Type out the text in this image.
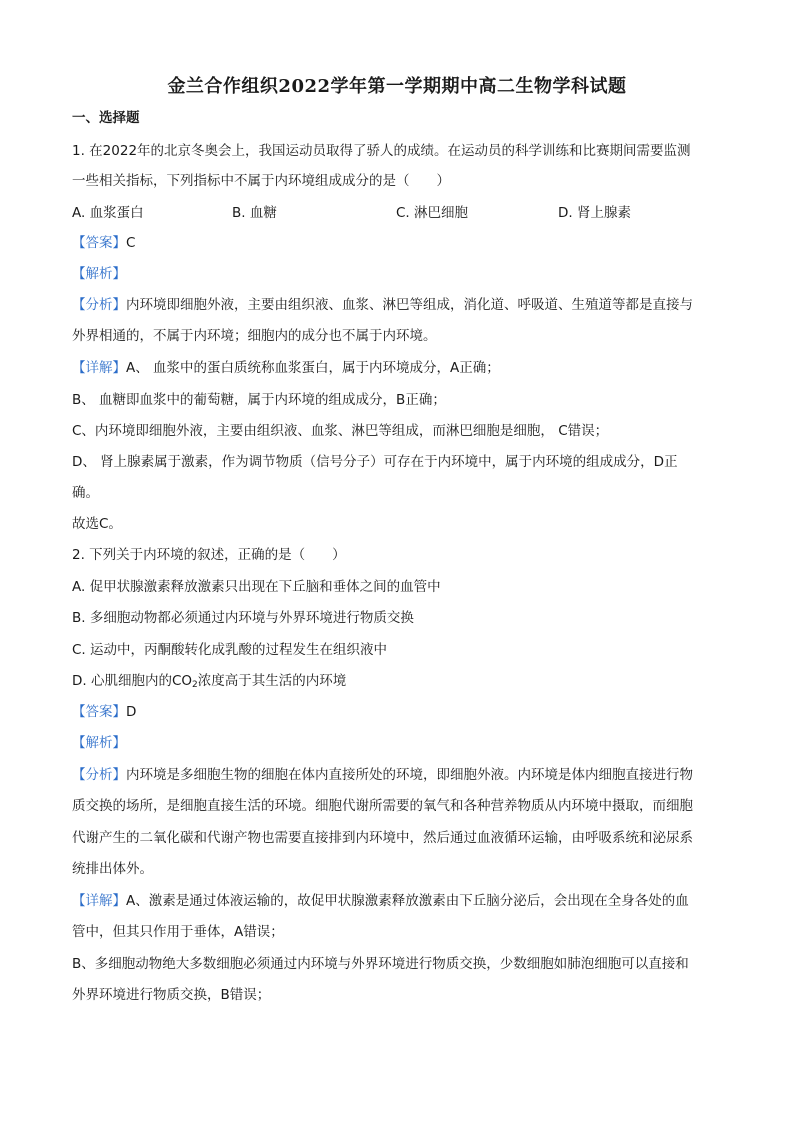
金兰合作组织2022学年第一学期期中高二生物学科试题
一、选择题
1. 在2022年的北京冬奥会上，我国运动员取得了骄人的成绩。在运动员的科学训练和比赛期间需要监测
一些相关指标，下列指标中不属于内环境组成成分的是（　　）
A. 血浆蛋白	B. 血糖	C. 淋巴细胞	D. 肾上腺素
【答案】C
【解析】
【分析】内环境即细胞外液，主要由组织液、血浆、淋巴等组成，消化道、呼吸道、生殖道等都是直接与
外界相通的，不属于内环境；细胞内的成分也不属于内环境。
【详解】A、 血浆中的蛋白质统称血浆蛋白，属于内环境成分，A正确；
B、 血糖即血浆中的葡萄糖，属于内环境的组成成分，B正确；
C、内环境即细胞外液，主要由组织液、血浆、淋巴等组成，而淋巴细胞是细胞， C错误；
D、 肾上腺素属于激素，作为调节物质（信号分子）可存在于内环境中，属于内环境的组成成分，D正
确。
故选C。
2. 下列关于内环境的叙述，正确的是（　　）
A. 促甲状腺激素释放激素只出现在下丘脑和垂体之间的血管中
B. 多细胞动物都必须通过内环境与外界环境进行物质交换
C. 运动中，丙酮酸转化成乳酸的过程发生在组织液中
D. 心肌细胞内的$CO_2$浓度高于其生活的内环境
【答案】D
【解析】
【分析】内环境是多细胞生物的细胞在体内直接所处的环境，即细胞外液。内环境是体内细胞直接进行物
质交换的场所，是细胞直接生活的环境。细胞代谢所需要的氧气和各种营养物质从内环境中摄取，而细胞
代谢产生的二氧化碳和代谢产物也需要直接排到内环境中，然后通过血液循环运输，由呼吸系统和泌尿系
统排出体外。
【详解】A、激素是通过体液运输的，故促甲状腺激素释放激素由下丘脑分泌后，会出现在全身各处的血
管中，但其只作用于垂体，A错误；
B、多细胞动物绝大多数细胞必须通过内环境与外界环境进行物质交换，少数细胞如肺泡细胞可以直接和
外界环境进行物质交换，B错误；
